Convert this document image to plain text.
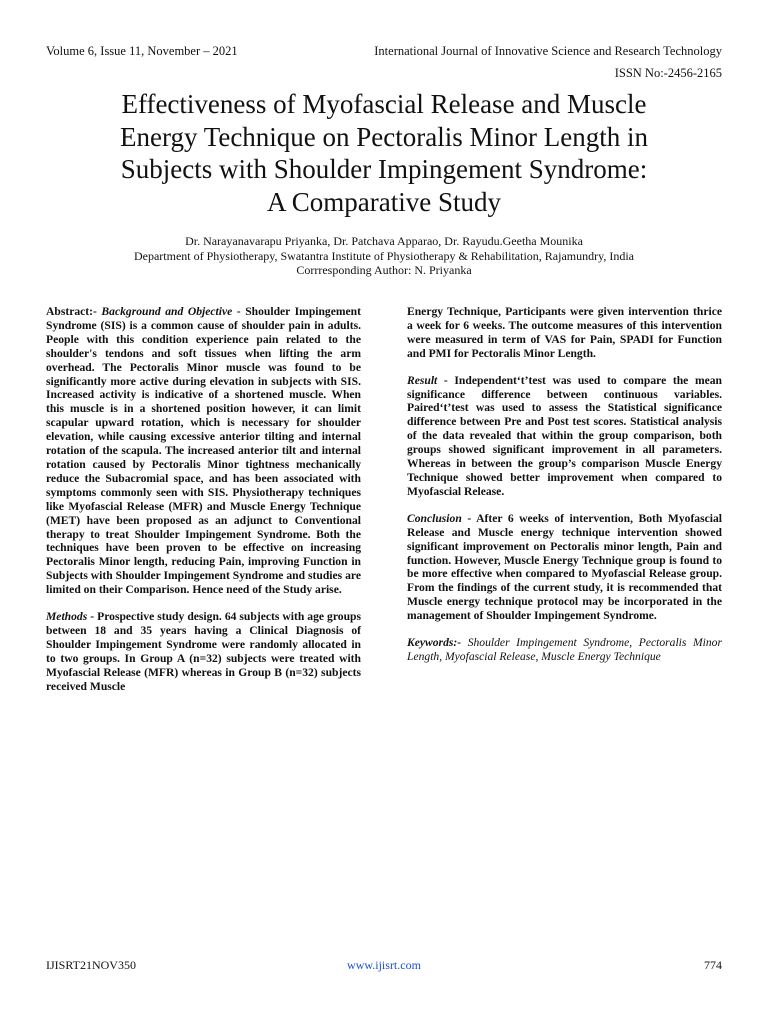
Volume 6, Issue 11, November – 2021	International Journal of Innovative Science and Research Technology
ISSN No:-2456-2165
Effectiveness of Myofascial Release and Muscle
Energy Technique on Pectoralis Minor Length in
Subjects with Shoulder Impingement Syndrome:
A Comparative Study
Dr. Narayanavarapu Priyanka, Dr. Patchava Apparao, Dr. Rayudu.Geetha Mounika
Department of Physiotherapy, Swatantra Institute of Physiotherapy & Rehabilitation, Rajamundry, India
Corrresponding Author: N. Priyanka

Abstract:- Background and Objective - Shoulder Impingement Syndrome (SIS) is a common cause of shoulder pain in adults. People with this condition experience pain related to the shoulder's tendons and soft tissues when lifting the arm overhead. The Pectoralis Minor muscle was found to be significantly more active during elevation in subjects with SIS. Increased activity is indicative of a shortened muscle. When this muscle is in a shortened position however, it can limit scapular upward rotation, which is necessary for shoulder elevation, while causing excessive anterior tilting and internal rotation of the scapula. The increased anterior tilt and internal rotation caused by Pectoralis Minor tightness mechanically reduce the Subacromial space, and has been associated with symptoms commonly seen with SIS. Physiotherapy techniques like Myofascial Release (MFR) and Muscle Energy Technique (MET) have been proposed as an adjunct to Conventional therapy to treat Shoulder Impingement Syndrome. Both the techniques have been proven to be effective on increasing Pectoralis Minor length, reducing Pain, improving Function in Subjects with Shoulder Impingement Syndrome and studies are limited on their Comparison. Hence need of the Study arise.

Methods - Prospective study design. 64 subjects with age groups between 18 and 35 years having a Clinical Diagnosis of Shoulder Impingement Syndrome were randomly allocated in to two groups. In Group A (n=32) subjects were treated with Myofascial Release (MFR) whereas in Group B (n=32) subjects received Muscle

Energy Technique, Participants were given intervention thrice a week for 6 weeks. The outcome measures of this intervention were measured in term of VAS for Pain, SPADI for Function and PMI for Pectoralis Minor Length.

Result - Independent‘t’test was used to compare the mean significance difference between continuous variables. Paired‘t’test was used to assess the Statistical significance difference between Pre and Post test scores. Statistical analysis of the data revealed that within the group comparison, both groups showed significant improvement in all parameters. Whereas in between the group’s comparison Muscle Energy Technique showed better improvement when compared to Myofascial Release.

Conclusion - After 6 weeks of intervention, Both Myofascial Release and Muscle energy technique intervention showed significant improvement on Pectoralis minor length, Pain and function. However, Muscle Energy Technique group is found to be more effective when compared to Myofascial Release group. From the findings of the current study, it is recommended that Muscle energy technique protocol may be incorporated in the management of Shoulder Impingement Syndrome.

Keywords:- Shoulder Impingement Syndrome, Pectoralis Minor Length, Myofascial Release, Muscle Energy Technique

IJISRT21NOV350	www.ijisrt.com	774
